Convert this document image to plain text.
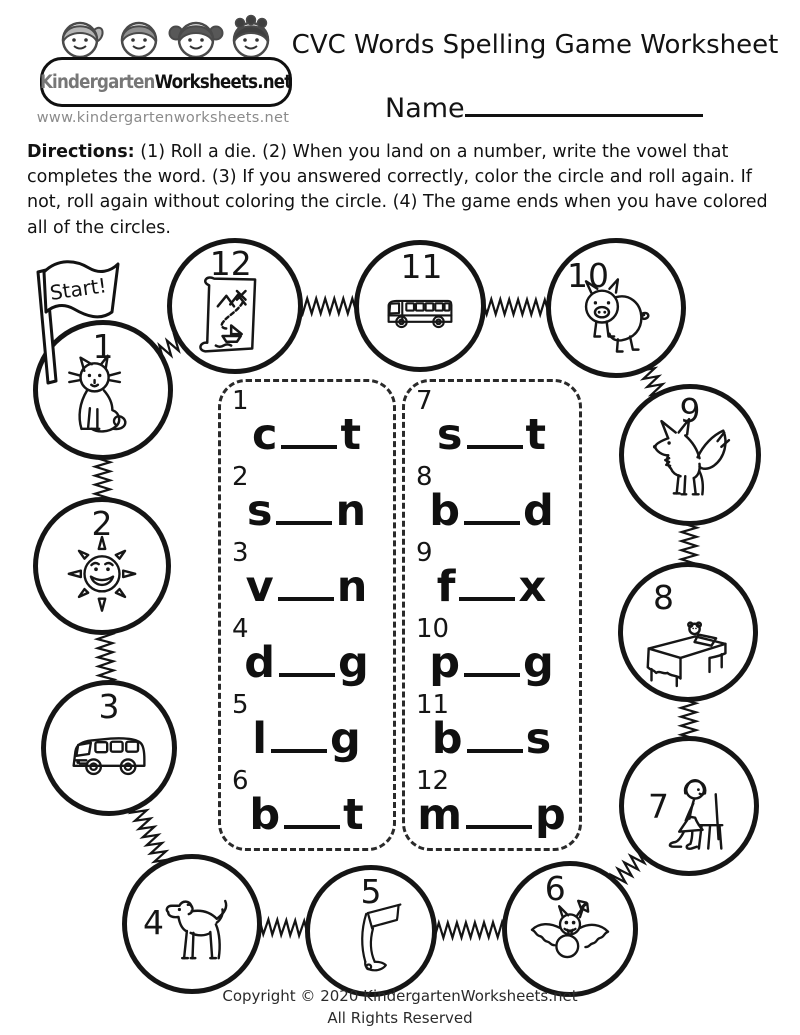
KindergartenWorksheets.net
www.kindergartenworksheets.net
CVC Words Spelling Game Worksheet
Name
Directions: (1) Roll a die. (2) When you land on a number, write the vowel that completes the word. (3) If you answered correctly, color the circle and roll again. If not, roll again without coloring the circle. (4) The game ends when you have colored all of the circles.
Start!
1
2
3
4
5	6
7
8
9
10
11
12
1
c t
2
s n
3
v n
4
d g
5
l g
6
b t
7
s t
8
b d
9
f x
10
p g
11
b s
12
m p
Copyright © 2020 KindergartenWorksheets.net
All Rights Reserved
